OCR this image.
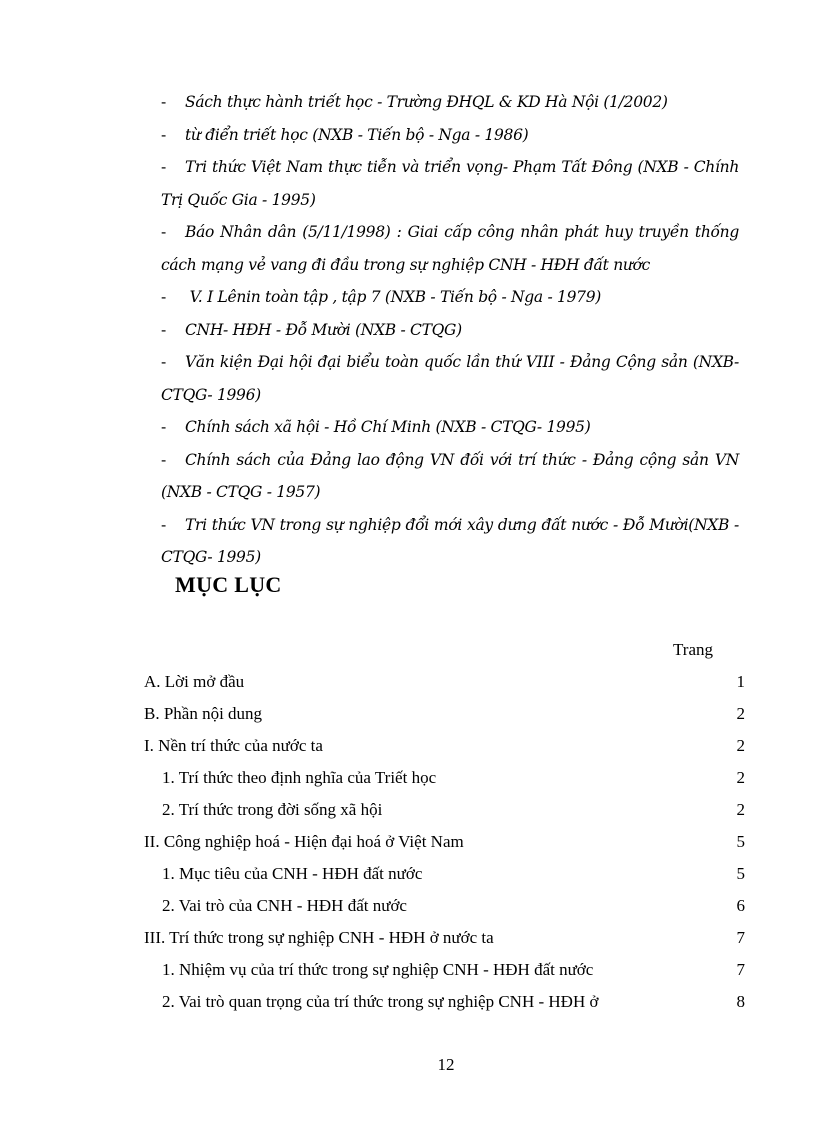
- Sách thực hành triết học - Trường ĐHQL & KD Hà Nội (1/2002)

- từ điển triết học (NXB - Tiến bộ - Nga - 1986)

- Tri thức Việt Nam thực tiễn và triển vọng- Phạm Tất Đông (NXB - Chính Trị Quốc Gia - 1995)

- Báo Nhân dân (5/11/1998) : Giai cấp công nhân phát huy truyền thống cách mạng vẻ vang đi đầu trong sự nghiệp CNH - HĐH đất nước

- V. I Lênin toàn tập , tập 7 (NXB - Tiến bộ - Nga - 1979)

- CNH- HĐH - Đỗ Mười (NXB - CTQG)

- Văn kiện Đại hội đại biểu toàn quốc lần thứ VIII - Đảng Cộng sản (NXB- CTQG- 1996)

- Chính sách xã hội - Hồ Chí Minh (NXB - CTQG- 1995)

- Chính sách của Đảng lao động VN đối với trí thức - Đảng cộng sản VN (NXB - CTQG - 1957)

- Tri thức VN trong sự nghiệp đổi mới xây dưng đất nước - Đỗ Mười(NXB - CTQG- 1995)

MỤC LỤC
Trang
A. Lời mở đầu	1
B. Phần nội dung	2
I. Nền trí thức của nước ta	2
1. Trí thức theo định nghĩa của Triết học	2
2. Trí thức trong đời sống xã hội	2
II. Công nghiệp hoá - Hiện đại hoá ở Việt Nam	5
1. Mục tiêu của CNH - HĐH đất nước	5
2. Vai trò của CNH - HĐH đất nước	6
III. Trí thức trong sự nghiệp CNH - HĐH ở nước ta	7
1. Nhiệm vụ của trí thức trong sự nghiệp CNH - HĐH đất nước	7
2. Vai trò quan trọng của trí thức trong sự nghiệp CNH - HĐH ở	8
12
